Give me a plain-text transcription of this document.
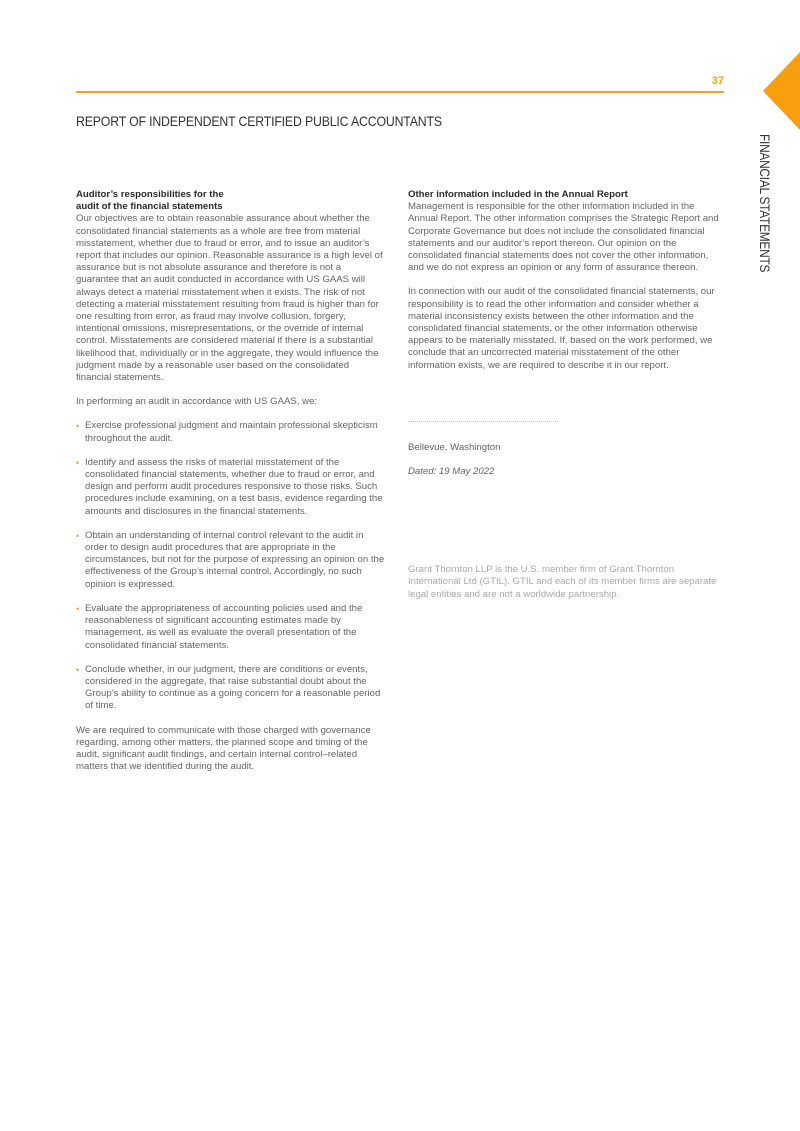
37
REPORT OF INDEPENDENT CERTIFIED PUBLIC ACCOUNTANTS
FINANCIAL STATEMENTS
Auditor’s responsibilities for the
audit of the financial statements

Our objectives are to obtain reasonable assurance about whether the consolidated financial statements as a whole are free from material misstatement, whether due to fraud or error, and to issue an auditor’s report that includes our opinion. Reasonable assurance is a high level of assurance but is not absolute assurance and therefore is not a guarantee that an audit conducted in accordance with US GAAS will always detect a material misstatement when it exists. The risk of not detecting a material misstatement resulting from fraud is higher than for one resulting from error, as fraud may involve collusion, forgery, intentional omissions, misrepresentations, or the override of internal control. Misstatements are considered material if there is a substantial likelihood that, individually or in the aggregate, they would influence the judgment made by a reasonable user based on the consolidated financial statements.

In performing an audit in accordance with US GAAS, we:

• Exercise professional judgment and maintain professional skepticism throughout the audit.
• Identify and assess the risks of material misstatement of the consolidated financial statements, whether due to fraud or error, and design and perform audit procedures responsive to those risks. Such procedures include examining, on a test basis, evidence regarding the amounts and disclosures in the financial statements.
• Obtain an understanding of internal control relevant to the audit in order to design audit procedures that are appropriate in the circumstances, but not for the purpose of expressing an opinion on the effectiveness of the Group’s internal control. Accordingly, no such opinion is expressed.
• Evaluate the appropriateness of accounting policies used and the reasonableness of significant accounting estimates made by management, as well as evaluate the overall presentation of the consolidated financial statements.
• Conclude whether, in our judgment, there are conditions or events, considered in the aggregate, that raise substantial doubt about the Group’s ability to continue as a going concern for a reasonable period of time.

We are required to communicate with those charged with governance regarding, among other matters, the planned scope and timing of the audit, significant audit findings, and certain internal control–related matters that we identified during the audit.

Other information included in the Annual Report

Management is responsible for the other information included in the Annual Report. The other information comprises the Strategic Report and Corporate Governance but does not include the consolidated financial statements and our auditor’s report thereon. Our opinion on the consolidated financial statements does not cover the other information, and we do not express an opinion or any form of assurance thereon.

In connection with our audit of the consolidated financial statements, our responsibility is to read the other information and consider whether a material inconsistency exists between the other information and the consolidated financial statements, or the other information otherwise appears to be materially misstated. If, based on the work performed, we conclude that an uncorrected material misstatement of the other information exists, we are required to describe it in our report.

Bellevue, Washington
Dated: 19 May 2022
Grant Thornton LLP is the U.S. member firm of Grant Thornton International Ltd (GTIL). GTIL and each of its member firms are separate legal entities and are not a worldwide partnership.
